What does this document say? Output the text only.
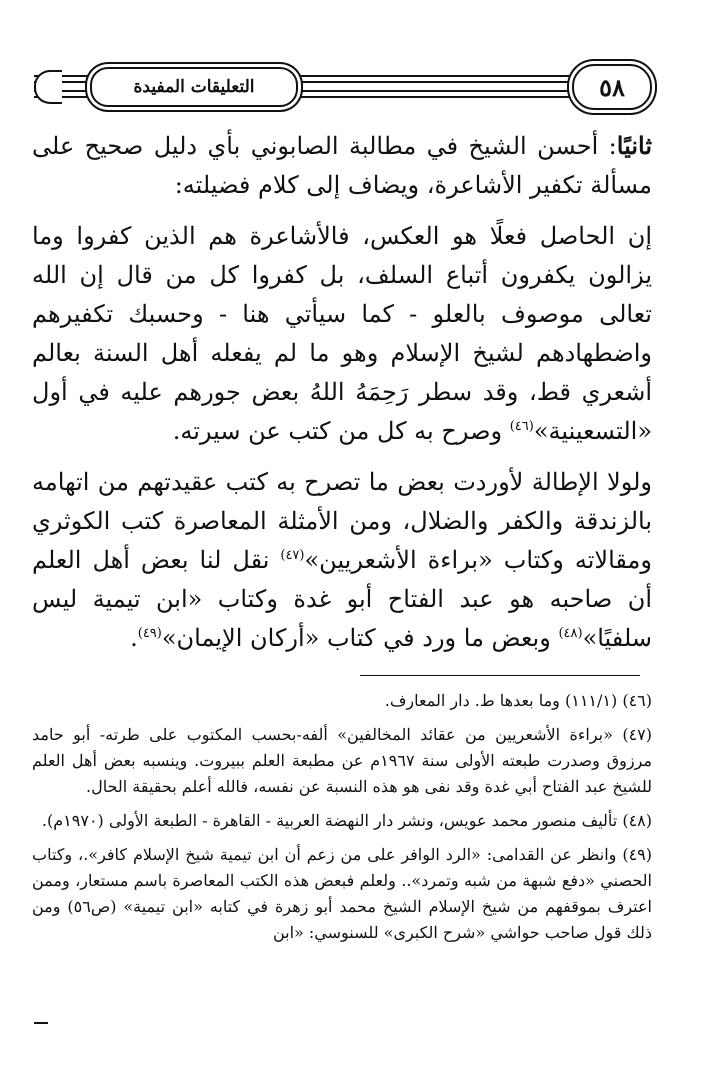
التعليقات المفيدة	٥٨

ثانيًا: أحسن الشيخ في مطالبة الصابوني بأي دليل صحيح على مسألة تكفير الأشاعرة، ويضاف إلى كلام فضيلته:

إن الحاصل فعلًا هو العكس، فالأشاعرة هم الذين كفروا وما يزالون يكفرون أتباع السلف، بل كفروا كل من قال إن الله تعالى موصوف بالعلو - كما سيأتي هنا - وحسبك تكفيرهم واضطهادهم لشيخ الإسلام وهو ما لم يفعله أهل السنة بعالم أشعري قط، وقد سطر رَحِمَهُ اللهُ بعض جورهم عليه في أول «التسعينية»$^{(٤٦)}$ وصرح به كل من كتب عن سيرته.

ولولا الإطالة لأوردت بعض ما تصرح به كتب عقيدتهم من اتهامه بالزندقة والكفر والضلال، ومن الأمثلة المعاصرة كتب الكوثري ومقالاته وكتاب «براءة الأشعريين»$^{(٤٧)}$ نقل لنا بعض أهل العلم أن صاحبه هو عبد الفتاح أبو غدة وكتاب «ابن تيمية ليس سلفيًا»$^{(٤٨)}$ وبعض ما ورد في كتاب «أركان الإيمان»$^{(٤٩)}$.

(٤٦) (١١١/١) وما بعدها ط. دار المعارف.

(٤٧) «براءة الأشعريين من عقائد المخالفين» ألفه-بحسب المكتوب على طرته- أبو حامد مرزوق وصدرت طبعته الأولى سنة ١٩٦٧م عن مطبعة العلم ببيروت. وينسبه بعض أهل العلم للشيخ عبد الفتاح أبي غدة وقد نفى هو هذه النسبة عن نفسه، فالله أعلم بحقيقة الحال.

(٤٨) تأليف منصور محمد عويس، ونشر دار النهضة العربية - القاهرة - الطبعة الأولى (١٩٧٠م).

(٤٩) وانظر عن القدامى: «الرد الوافر على من زعم أن ابن تيمية شيخ الإسلام كافر».، وكتاب الحصني «دفع شبهة من شبه وتمرد».. ولعلم فبعض هذه الكتب المعاصرة باسم مستعار، وممن اعترف بموقفهم من شيخ الإسلام الشيخ محمد أبو زهرة في كتابه «ابن تيمية» (ص٥٦) ومن ذلك قول صاحب حواشي «شرح الكبرى» للسنوسي: «ابن
